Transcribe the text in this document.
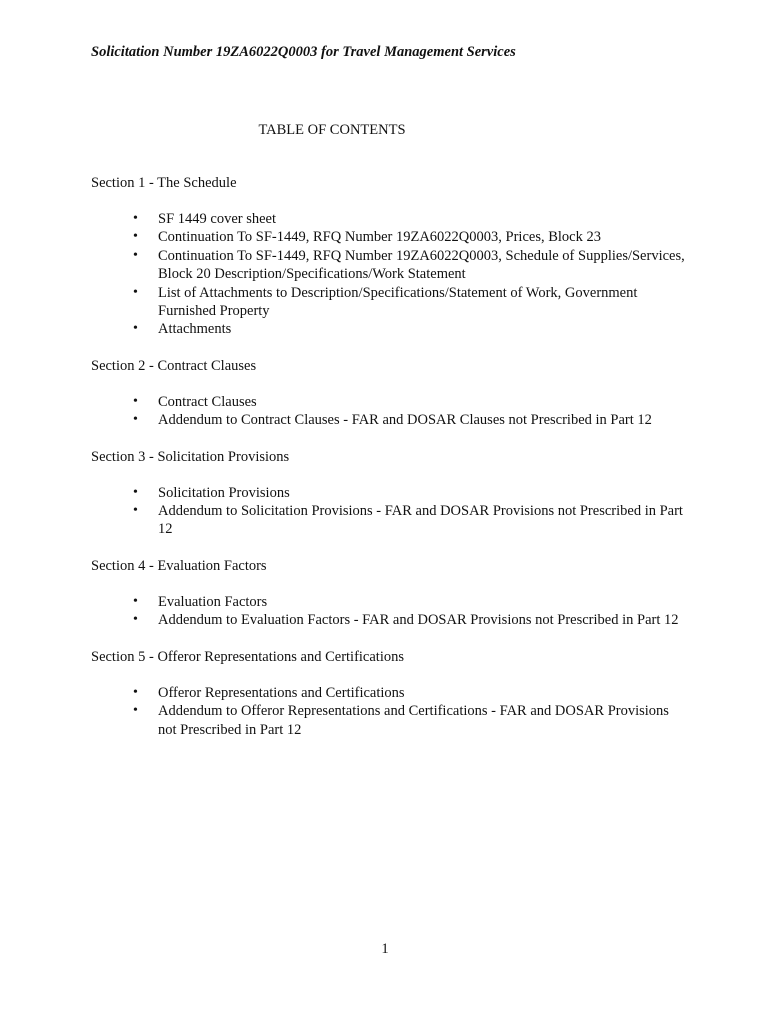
Solicitation Number 19ZA6022Q0003 for Travel Management Services
TABLE OF CONTENTS
Section 1 - The Schedule
• SF 1449 cover sheet
• Continuation To SF-1449, RFQ Number 19ZA6022Q0003, Prices, Block 23
• Continuation To SF-1449, RFQ Number 19ZA6022Q0003, Schedule of Supplies/Services, Block 20 Description/Specifications/Work Statement
• List of Attachments to Description/Specifications/Statement of Work, Government Furnished Property
• Attachments
Section 2 - Contract Clauses
• Contract Clauses
• Addendum to Contract Clauses - FAR and DOSAR Clauses not Prescribed in Part 12
Section 3 - Solicitation Provisions
• Solicitation Provisions
• Addendum to Solicitation Provisions - FAR and DOSAR Provisions not Prescribed in Part 12
Section 4 - Evaluation Factors
• Evaluation Factors
• Addendum to Evaluation Factors - FAR and DOSAR Provisions not Prescribed in Part 12
Section 5 - Offeror Representations and Certifications
• Offeror Representations and Certifications
• Addendum to Offeror Representations and Certifications - FAR and DOSAR Provisions not Prescribed in Part 12
1
